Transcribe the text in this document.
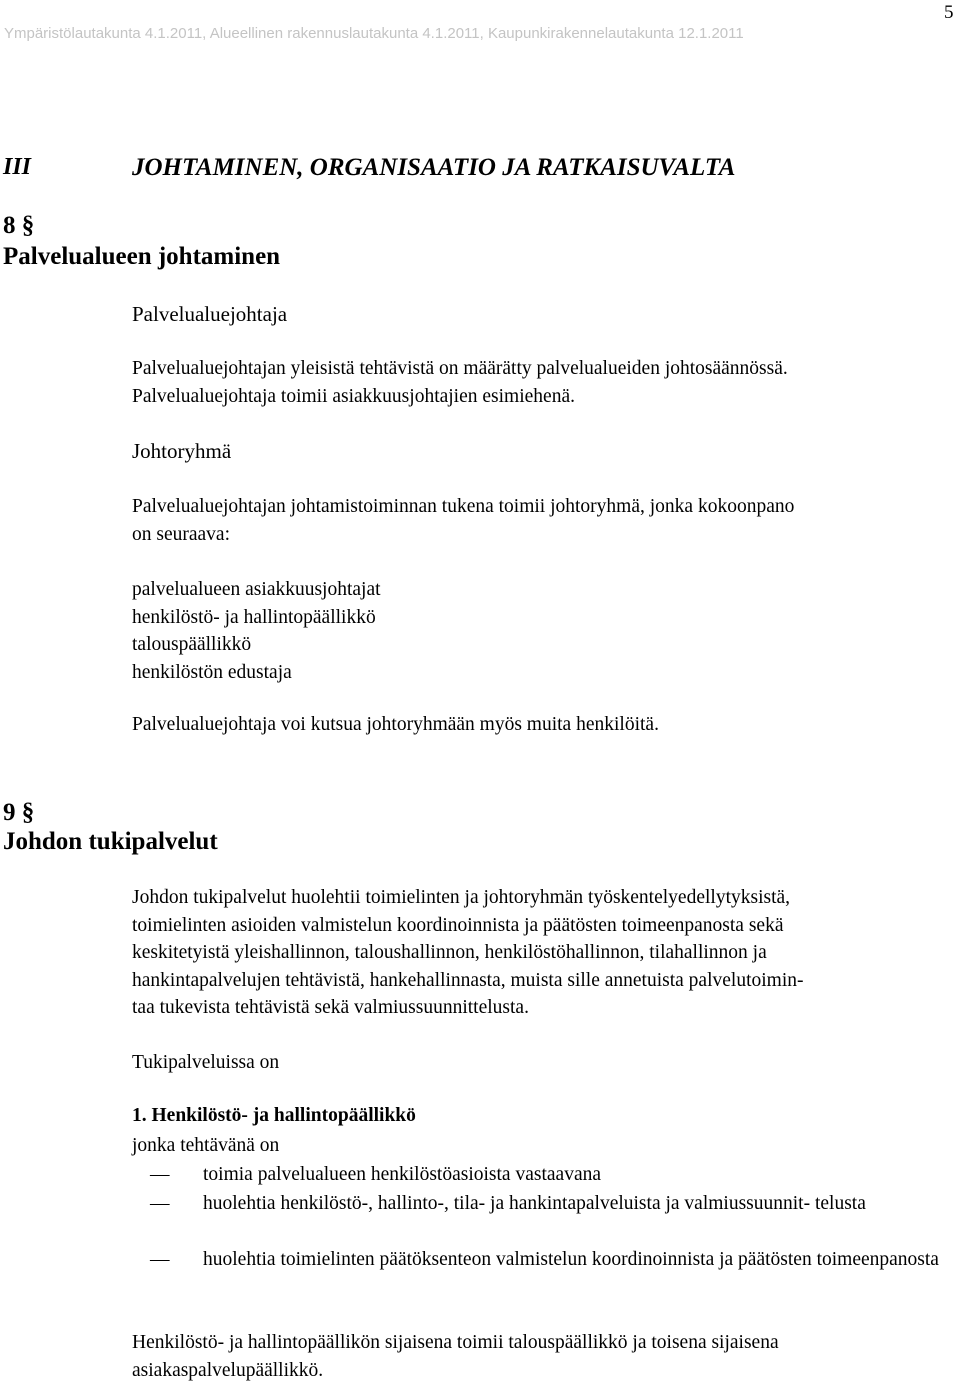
Ympäristölautakunta 4.1.2011, Alueellinen rakennuslautakunta 4.1.2011, Kaupunkirakennelautakunta 12.1.2011
5
III	JOHTAMINEN, ORGANISAATIO JA RATKAISUVALTA
8 §
Palvelualueen johtaminen
Palvelualuejohtaja

Palvelualuejohtajan yleisistä tehtävistä on määrätty palvelualueiden johtosäännössä.

Palvelualuejohtaja toimii asiakkuusjohtajien esimiehenä.

Johtoryhmä

Palvelualuejohtajan johtamistoiminnan tukena toimii johtoryhmä, jonka kokoonpano

on seuraava:

palvelualueen asiakkuusjohtajat

henkilöstö- ja hallintopäällikkö

talouspäällikkö

henkilöstön edustaja

Palvelualuejohtaja voi kutsua johtoryhmään myös muita henkilöitä.
9 §
Johdon tukipalvelut

Johdon tukipalvelut huolehtii toimielinten ja johtoryhmän työskentelyedellytyksistä,

toimielinten asioiden valmistelun koordinoinnista ja päätösten toimeenpanosta sekä

keskitetyistä yleishallinnon, taloushallinnon, henkilöstöhallinnon, tilahallinnon ja

hankintapalvelujen tehtävistä, hankehallinnasta, muista sille annetuista palvelutoimin-

taa tukevista tehtävistä sekä valmiussuunnittelusta.

Tukipalveluissa on
1. Henkilöstö- ja hallintopäällikkö
jonka tehtävänä on
— toimia palvelualueen henkilöstöasioista vastaavana
— huolehtia henkilöstö-, hallinto-, tila- ja hankintapalveluista ja valmiussuunnit- telusta
— huolehtia toimielinten päätöksenteon valmistelun koordinoinnista ja päätösten toimeenpanosta

Henkilöstö- ja hallintopäällikön sijaisena toimii talouspäällikkö ja toisena sijaisena

asiakaspalvelupäällikkö.
